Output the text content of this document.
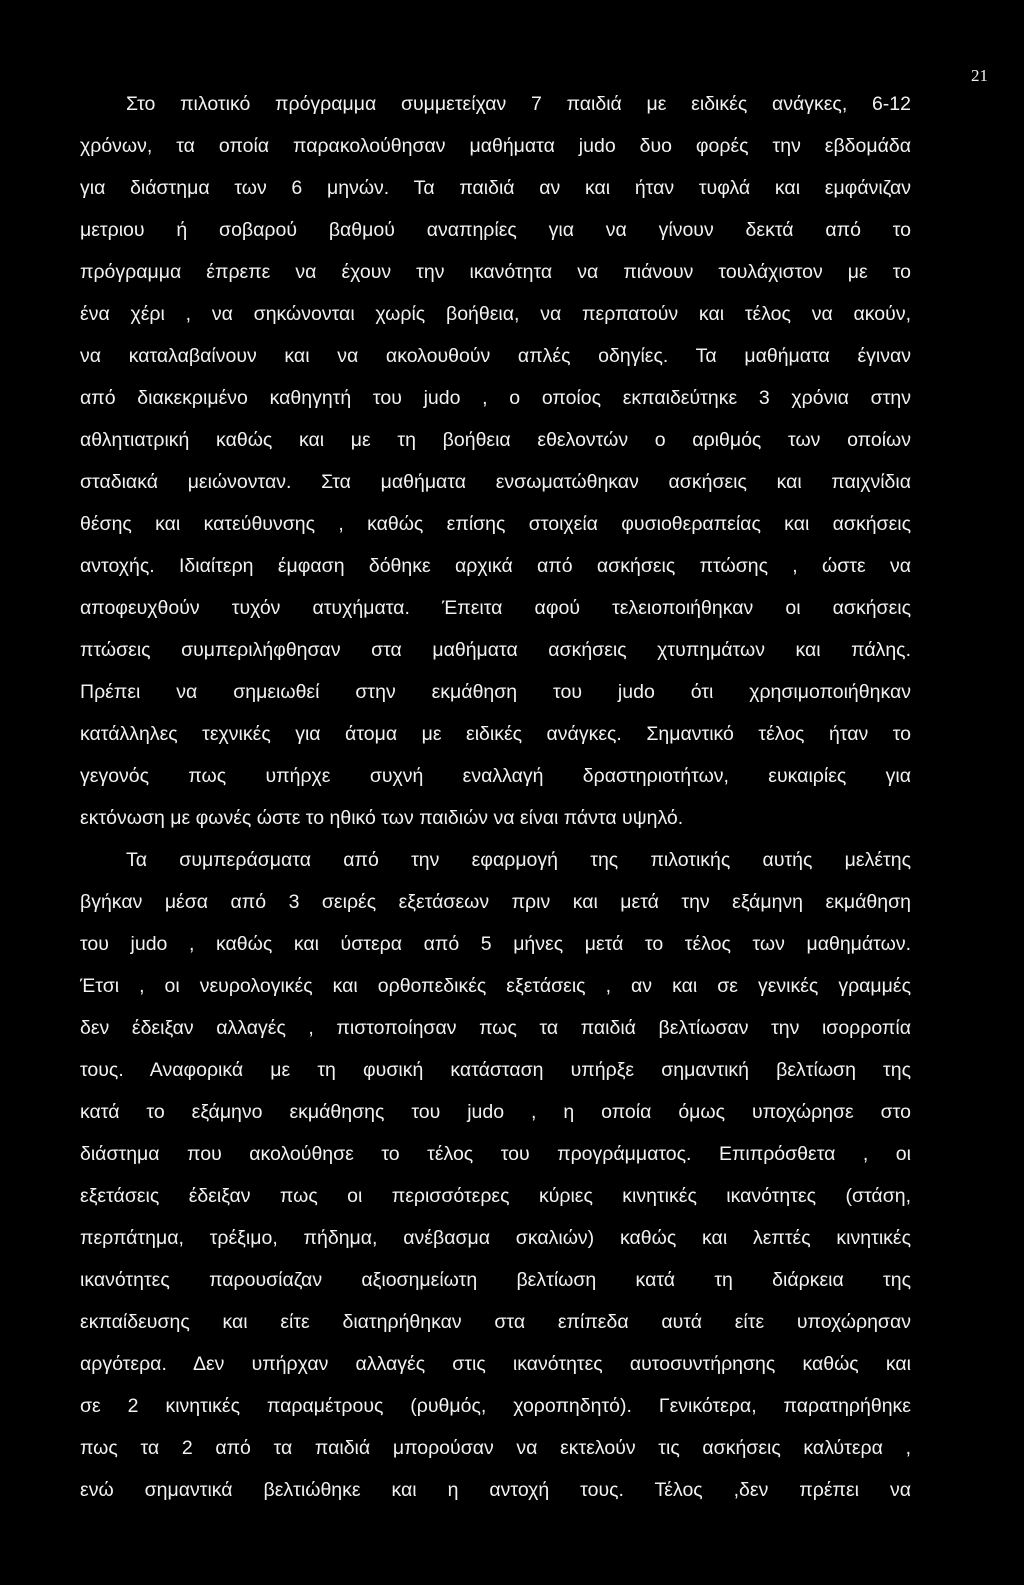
21
Στο πιλοτικό πρόγραμμα συμμετείχαν 7 παιδιά με ειδικές ανάγκες, 6-12
χρόνων, τα οποία παρακολούθησαν μαθήματα judo δυο φορές την εβδομάδα
για διάστημα των 6 μηνών. Τα παιδιά αν και ήταν τυφλά και εμφάνιζαν
μετριου ή σοβαρού βαθμού αναπηρίες για να γίνουν δεκτά από το
πρόγραμμα έπρεπε να έχουν την ικανότητα να πιάνουν τουλάχιστον με το
ένα χέρι , να σηκώνονται χωρίς βοήθεια, να περπατούν και τέλος να ακούν,
να καταλαβαίνουν και να ακολουθούν απλές οδηγίες. Τα μαθήματα έγιναν
από διακεκριμένο καθηγητή του judo , ο οποίος εκπαιδεύτηκε 3 χρόνια στην
αθλητιατρική καθώς και με τη βοήθεια εθελοντών ο αριθμός των οποίων
σταδιακά μειώνονταν. Στα μαθήματα ενσωματώθηκαν ασκήσεις και παιχνίδια
θέσης και κατεύθυνσης , καθώς επίσης στοιχεία φυσιοθεραπείας και ασκήσεις
αντοχής. Ιδιαίτερη έμφαση δόθηκε αρχικά από ασκήσεις πτώσης , ώστε να
αποφευχθούν τυχόν ατυχήματα. Έπειτα αφού τελειοποιήθηκαν οι ασκήσεις
πτώσεις συμπεριλήφθησαν στα μαθήματα ασκήσεις χτυπημάτων και πάλης.
Πρέπει να σημειωθεί στην εκμάθηση του judo ότι χρησιμοποιήθηκαν
κατάλληλες τεχνικές για άτομα με ειδικές ανάγκες. Σημαντικό τέλος ήταν το
γεγονός πως υπήρχε συχνή εναλλαγή δραστηριοτήτων, ευκαιρίες για
εκτόνωση με φωνές ώστε το ηθικό των παιδιών να είναι πάντα υψηλό.
Τα συμπεράσματα από την εφαρμογή της πιλοτικής αυτής μελέτης
βγήκαν μέσα από 3 σειρές εξετάσεων πριν και μετά την εξάμηνη εκμάθηση
του judo , καθώς και ύστερα από 5 μήνες μετά το τέλος των μαθημάτων.
Έτσι , οι νευρολογικές και ορθοπεδικές εξετάσεις , αν και σε γενικές γραμμές
δεν έδειξαν αλλαγές , πιστοποίησαν πως τα παιδιά βελτίωσαν την ισορροπία
τους. Αναφορικά με τη φυσική κατάσταση υπήρξε σημαντική βελτίωση της
κατά το εξάμηνο εκμάθησης του judo , η οποία όμως υποχώρησε στο
διάστημα που ακολούθησε το τέλος του προγράμματος. Επιπρόσθετα , οι
εξετάσεις έδειξαν πως οι περισσότερες κύριες κινητικές ικανότητες (στάση,
περπάτημα, τρέξιμο, πήδημα, ανέβασμα σκαλιών) καθώς και λεπτές κινητικές
ικανότητες παρουσίαζαν αξιοσημείωτη βελτίωση κατά τη διάρκεια της
εκπαίδευσης και είτε διατηρήθηκαν στα επίπεδα αυτά είτε υποχώρησαν
αργότερα. Δεν υπήρχαν αλλαγές στις ικανότητες αυτοσυντήρησης καθώς και
σε 2 κινητικές παραμέτρους (ρυθμός, χοροπηδητό). Γενικότερα, παρατηρήθηκε
πως τα 2 από τα παιδιά μπορούσαν να εκτελούν τις ασκήσεις καλύτερα ,
ενώ σημαντικά βελτιώθηκε και η αντοχή τους. Τέλος ,δεν πρέπει να
